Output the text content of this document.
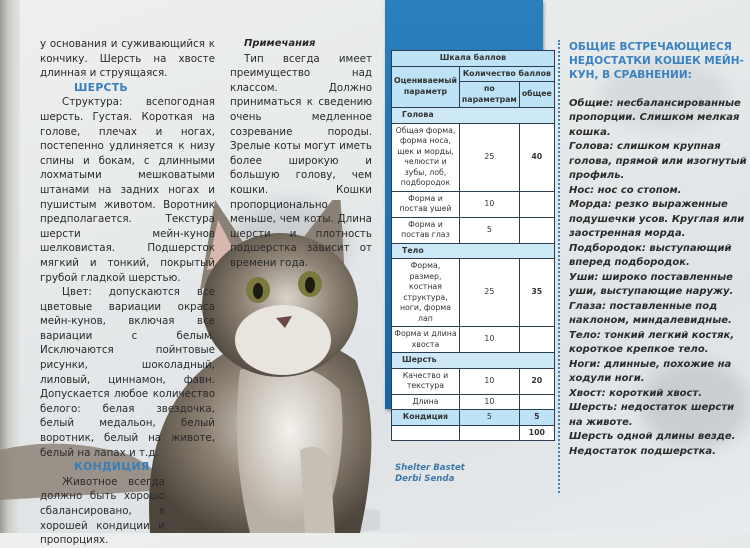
у основания и суживающийся к кончику. Шерсть на хвосте длинная и струящаяся.

ШЕРСТЬ

Структура: всепогодная шерсть. Густая. Короткая на голове, плечах и ногах, постепенно удлиняется к низу спины и бокам, с длинными лохматыми мешковатыми штанами на задних ногах и пушистым животом. Воротник предполагается. Текстура шерсти мейн-кунов шелковистая. Подшерсток мягкий и тонкий, покрытый грубой гладкой шерстью.

Цвет: допускаются все цветовые вариации окраса мейн-кунов, включая все вариации с белым. Исключаются пойнтовые рисунки, шоколадный, лиловый, циннамон, фавн. Допускается любое количество белого: белая звездочка, белый медальон, белый воротник, белый на животе, белый на лапах и т.д.

КОНДИЦИЯ

Животное всегда должно быть хорошо сбалансировано, в хорошей кондиции и пропорциях.

Примечания

Тип всегда имеет преимущество над классом. Должно приниматься к сведению очень медленное созревание породы. Зрелые коты могут иметь более широкую и большую голову, чем кошки. Кошки пропорционально меньше, чем коты. Длина шерсти и плотность подшерстка зависит от времени года.

Шкала баллов		
Оцениваемый параметр	Количество баллов	
	по параметрам	общее
Голова		
Общая форма, форма носа, щек и морды, челюсти и зубы, лоб, подбородок	25	40
Форма и постав ушей	10	
Форма и постав глаз	5	
Тело		
Форма, размер, костная структура, ноги, форма лап	25	35
Форма и длина хвоста	10	
Шерсть		
Качество и текстура	10	20
Длина	10	
Кондиция	5	5
		100

ОБЩИЕ ВСТРЕЧАЮЩИЕСЯ НЕДОСТАТКИ КОШЕК МЕЙН-КУН, В СРАВНЕНИИ:

Общие: несбалансированные пропорции. Слишком мелкая кошка.

Голова: слишком крупная голова, прямой или изогнутый профиль.

Нос: нос со стопом.

Морда: резко выраженные подушечки усов. Круглая или заостренная морда.

Подбородок: выступающий вперед подбородок.

Уши: широко поставленные уши, выступающие наружу.

Глаза: поставленные под наклоном, миндалевидные.

Тело: тонкий легкий костяк, короткое крепкое тело.

Ноги: длинные, похожие на ходули ноги.

Хвост: короткий хвост.

Шерсть: недостаток шерсти на животе.

Шерсть одной длины везде. Недостаток подшерстка.

Shelter Bastet
Derbi Senda
